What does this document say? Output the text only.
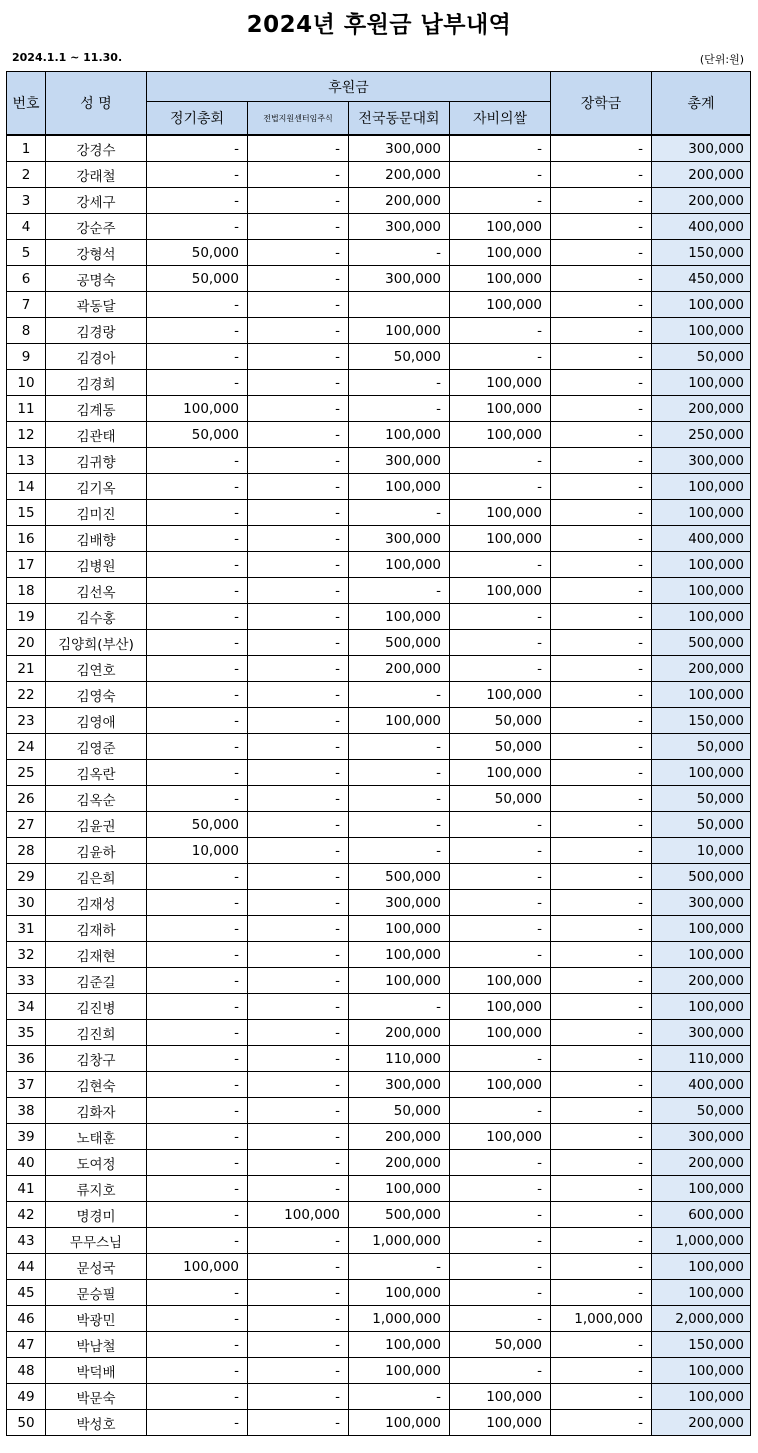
2024년 후원금 납부내역
2024.1.1 ~ 11.30.	(단위:원)
번호	성 명	후원금				장학금	총계
		정기총회	전법지원센터임주식	전국동문대회	자비의쌀		
1	강경수	-	-	300,000	-	-	300,000
2	강래철	-	-	200,000	-	-	200,000
3	강세구	-	-	200,000	-	-	200,000
4	강순주	-	-	300,000	100,000	-	400,000
5	강형석	50,000	-	-	100,000	-	150,000
6	공명숙	50,000	-	300,000	100,000	-	450,000
7	곽동달	-	-		100,000	-	100,000
8	김경랑	-	-	100,000	-	-	100,000
9	김경아	-	-	50,000	-	-	50,000
10	김경희	-	-	-	100,000	-	100,000
11	김계동	100,000	-	-	100,000	-	200,000
12	김관태	50,000	-	100,000	100,000	-	250,000
13	김귀향	-	-	300,000	-	-	300,000
14	김기옥	-	-	100,000	-	-	100,000
15	김미진	-	-	-	100,000	-	100,000
16	김배향	-	-	300,000	100,000	-	400,000
17	김병원	-	-	100,000	-	-	100,000
18	김선옥	-	-	-	100,000	-	100,000
19	김수홍	-	-	100,000	-	-	100,000
20	김양희(부산)	-	-	500,000	-	-	500,000
21	김연호	-	-	200,000	-	-	200,000
22	김영숙	-	-	-	100,000	-	100,000
23	김영애	-	-	100,000	50,000	-	150,000
24	김영준	-	-	-	50,000	-	50,000
25	김옥란	-	-	-	100,000	-	100,000
26	김옥순	-	-	-	50,000	-	50,000
27	김윤권	50,000	-	-	-	-	50,000
28	김윤하	10,000	-	-	-	-	10,000
29	김은희	-	-	500,000	-	-	500,000
30	김재성	-	-	300,000	-	-	300,000
31	김재하	-	-	100,000	-	-	100,000
32	김재현	-	-	100,000	-	-	100,000
33	김준길	-	-	100,000	100,000	-	200,000
34	김진병	-	-	-	100,000	-	100,000
35	김진희	-	-	200,000	100,000	-	300,000
36	김창구	-	-	110,000	-	-	110,000
37	김현숙	-	-	300,000	100,000	-	400,000
38	김화자	-	-	50,000	-	-	50,000
39	노태훈	-	-	200,000	100,000	-	300,000
40	도여정	-	-	200,000	-	-	200,000
41	류지호	-	-	100,000	-	-	100,000
42	명경미	-	100,000	500,000	-	-	600,000
43	무무스님	-	-	1,000,000	-	-	1,000,000
44	문성국	100,000	-	-	-	-	100,000
45	문승필	-	-	100,000	-	-	100,000
46	박광민	-	-	1,000,000	-	1,000,000	2,000,000
47	박남철	-	-	100,000	50,000	-	150,000
48	박덕배	-	-	100,000	-	-	100,000
49	박문숙	-	-	-	100,000	-	100,000
50	박성호	-	-	100,000	100,000	-	200,000
